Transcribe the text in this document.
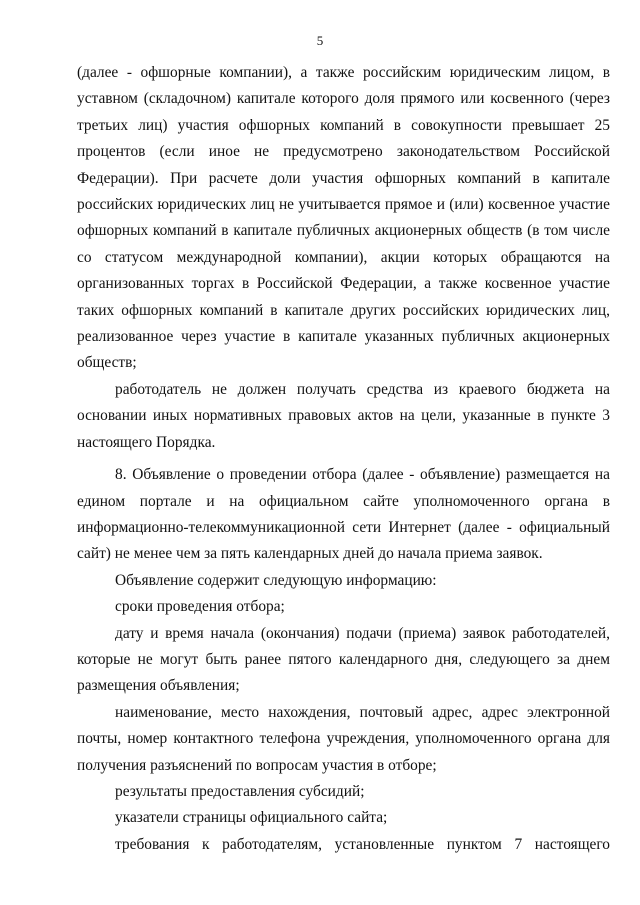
5

(далее - офшорные компании), а также российским юридическим лицом, в уставном (складочном) капитале которого доля прямого или косвенного (через третьих лиц) участия офшорных компаний в совокупности превышает 25 процентов (если иное не предусмотрено законодательством Российской Федерации). При расчете доли участия офшорных компаний в капитале российских юридических лиц не учитывается прямое и (или) косвенное участие офшорных компаний в капитале публичных акционерных обществ (в том числе со статусом международной компании), акции которых обращаются на организованных торгах в Российской Федерации, а также косвенное участие таких офшорных компаний в капитале других российских юридических лиц, реализованное через участие в капитале указанных публичных акционерных обществ;

работодатель не должен получать средства из краевого бюджета на основании иных нормативных правовых актов на цели, указанные в пункте 3 настоящего Порядка.

8. Объявление о проведении отбора (далее - объявление) размещается на едином портале и на официальном сайте уполномоченного органа в информационно-телекоммуникационной сети Интернет (далее - официальный сайт) не менее чем за пять календарных дней до начала приема заявок.

Объявление содержит следующую информацию:

сроки проведения отбора;

дату и время начала (окончания) подачи (приема) заявок работодателей, которые не могут быть ранее пятого календарного дня, следующего за днем размещения объявления;

наименование, место нахождения, почтовый адрес, адрес электронной почты, номер контактного телефона учреждения, уполномоченного органа для получения разъяснений по вопросам участия в отборе;

результаты предоставления субсидий;

указатели страницы официального сайта;

требования к работодателям, установленные пунктом 7 настоящего
